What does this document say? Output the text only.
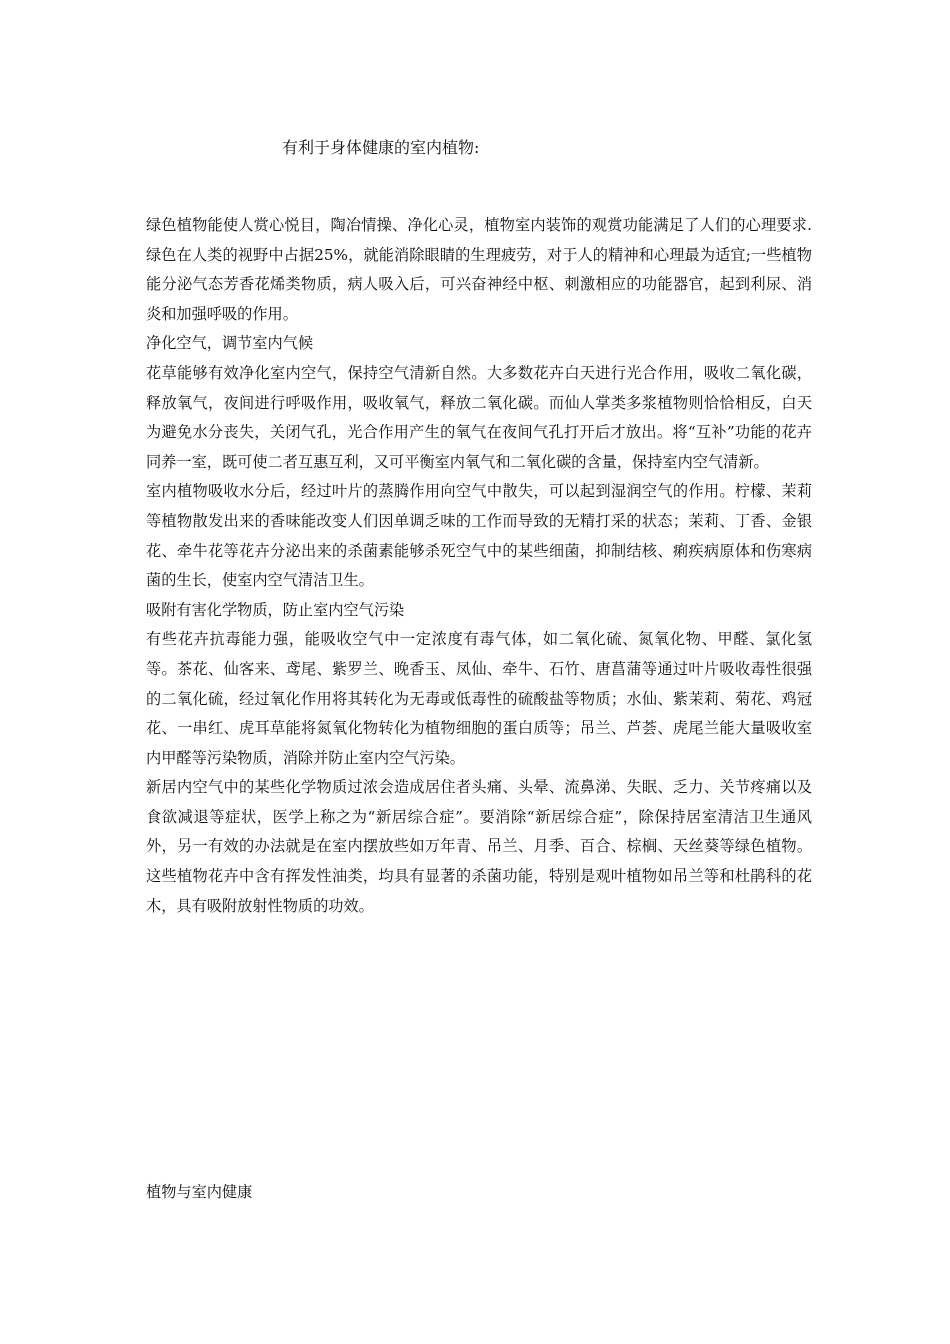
有利于身体健康的室内植物:

绿色植物能使人赏心悦目，陶冶情操、净化心灵，植物室内装饰的观赏功能满足了人们的心理要求.绿色在人类的视野中占据25%，就能消除眼睛的生理疲劳，对于人的精神和心理最为适宜;一些植物能分泌气态芳香花烯类物质，病人吸入后，可兴奋神经中枢、刺激相应的功能器官，起到利尿、消炎和加强呼吸的作用。

净化空气，调节室内气候

花草能够有效净化室内空气，保持空气清新自然。大多数花卉白天进行光合作用，吸收二氧化碳，释放氧气，夜间进行呼吸作用，吸收氧气，释放二氧化碳。而仙人掌类多浆植物则恰恰相反，白天为避免水分丧失，关闭气孔，光合作用产生的氧气在夜间气孔打开后才放出。将“互补”功能的花卉同养一室，既可使二者互惠互利，又可平衡室内氧气和二氧化碳的含量，保持室内空气清新。

室内植物吸收水分后，经过叶片的蒸腾作用向空气中散失，可以起到湿润空气的作用。柠檬、茉莉等植物散发出来的香味能改变人们因单调乏味的工作而导致的无精打采的状态；茉莉、丁香、金银花、牵牛花等花卉分泌出来的杀菌素能够杀死空气中的某些细菌，抑制结核、痢疾病原体和伤寒病菌的生长，使室内空气清洁卫生。

吸附有害化学物质，防止室内空气污染

有些花卉抗毒能力强，能吸收空气中一定浓度有毒气体，如二氧化硫、氮氧化物、甲醛、氯化氢等。茶花、仙客来、鸢尾、紫罗兰、晚香玉、凤仙、牵牛、石竹、唐菖蒲等通过叶片吸收毒性很强的二氧化硫，经过氧化作用将其转化为无毒或低毒性的硫酸盐等物质；水仙、紫茉莉、菊花、鸡冠花、一串红、虎耳草能将氮氧化物转化为植物细胞的蛋白质等；吊兰、芦荟、虎尾兰能大量吸收室内甲醛等污染物质，消除并防止室内空气污染。

新居内空气中的某些化学物质过浓会造成居住者头痛、头晕、流鼻涕、失眠、乏力、关节疼痛以及食欲减退等症状，医学上称之为“新居综合症”。要消除“新居综合症”，除保持居室清洁卫生通风外，另一有效的办法就是在室内摆放些如万年青、吊兰、月季、百合、棕榈、天丝葵等绿色植物。这些植物花卉中含有挥发性油类，均具有显著的杀菌功能，特别是观叶植物如吊兰等和杜鹃科的花木，具有吸附放射性物质的功效。

植物与室内健康
